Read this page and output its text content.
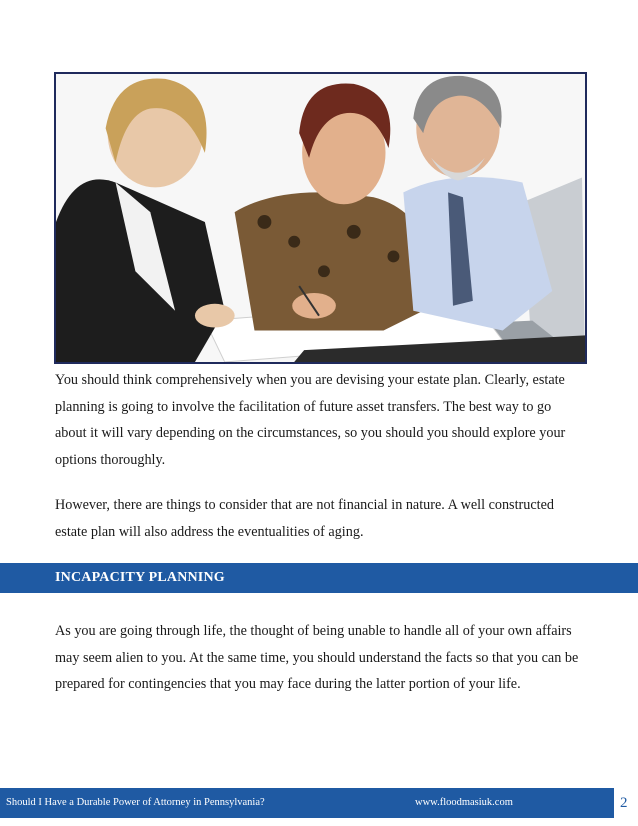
You should think comprehensively when you are devising your estate plan. Clearly, estate planning is going to involve the facilitation of future asset transfers. The best way to go about it will vary depending on the circumstances, so you should you should explore your options thoroughly.

However, there are things to consider that are not financial in nature. A well constructed estate plan will also address the eventualities of aging.

INCAPACITY PLANNING

As you are going through life, the thought of being unable to handle all of your own affairs may seem alien to you. At the same time, you should understand the facts so that you can be prepared for contingencies that you may face during the latter portion of your life.

Should I Have a Durable Power of Attorney in Pennsylvania?	www.floodmasiuk.com	2
